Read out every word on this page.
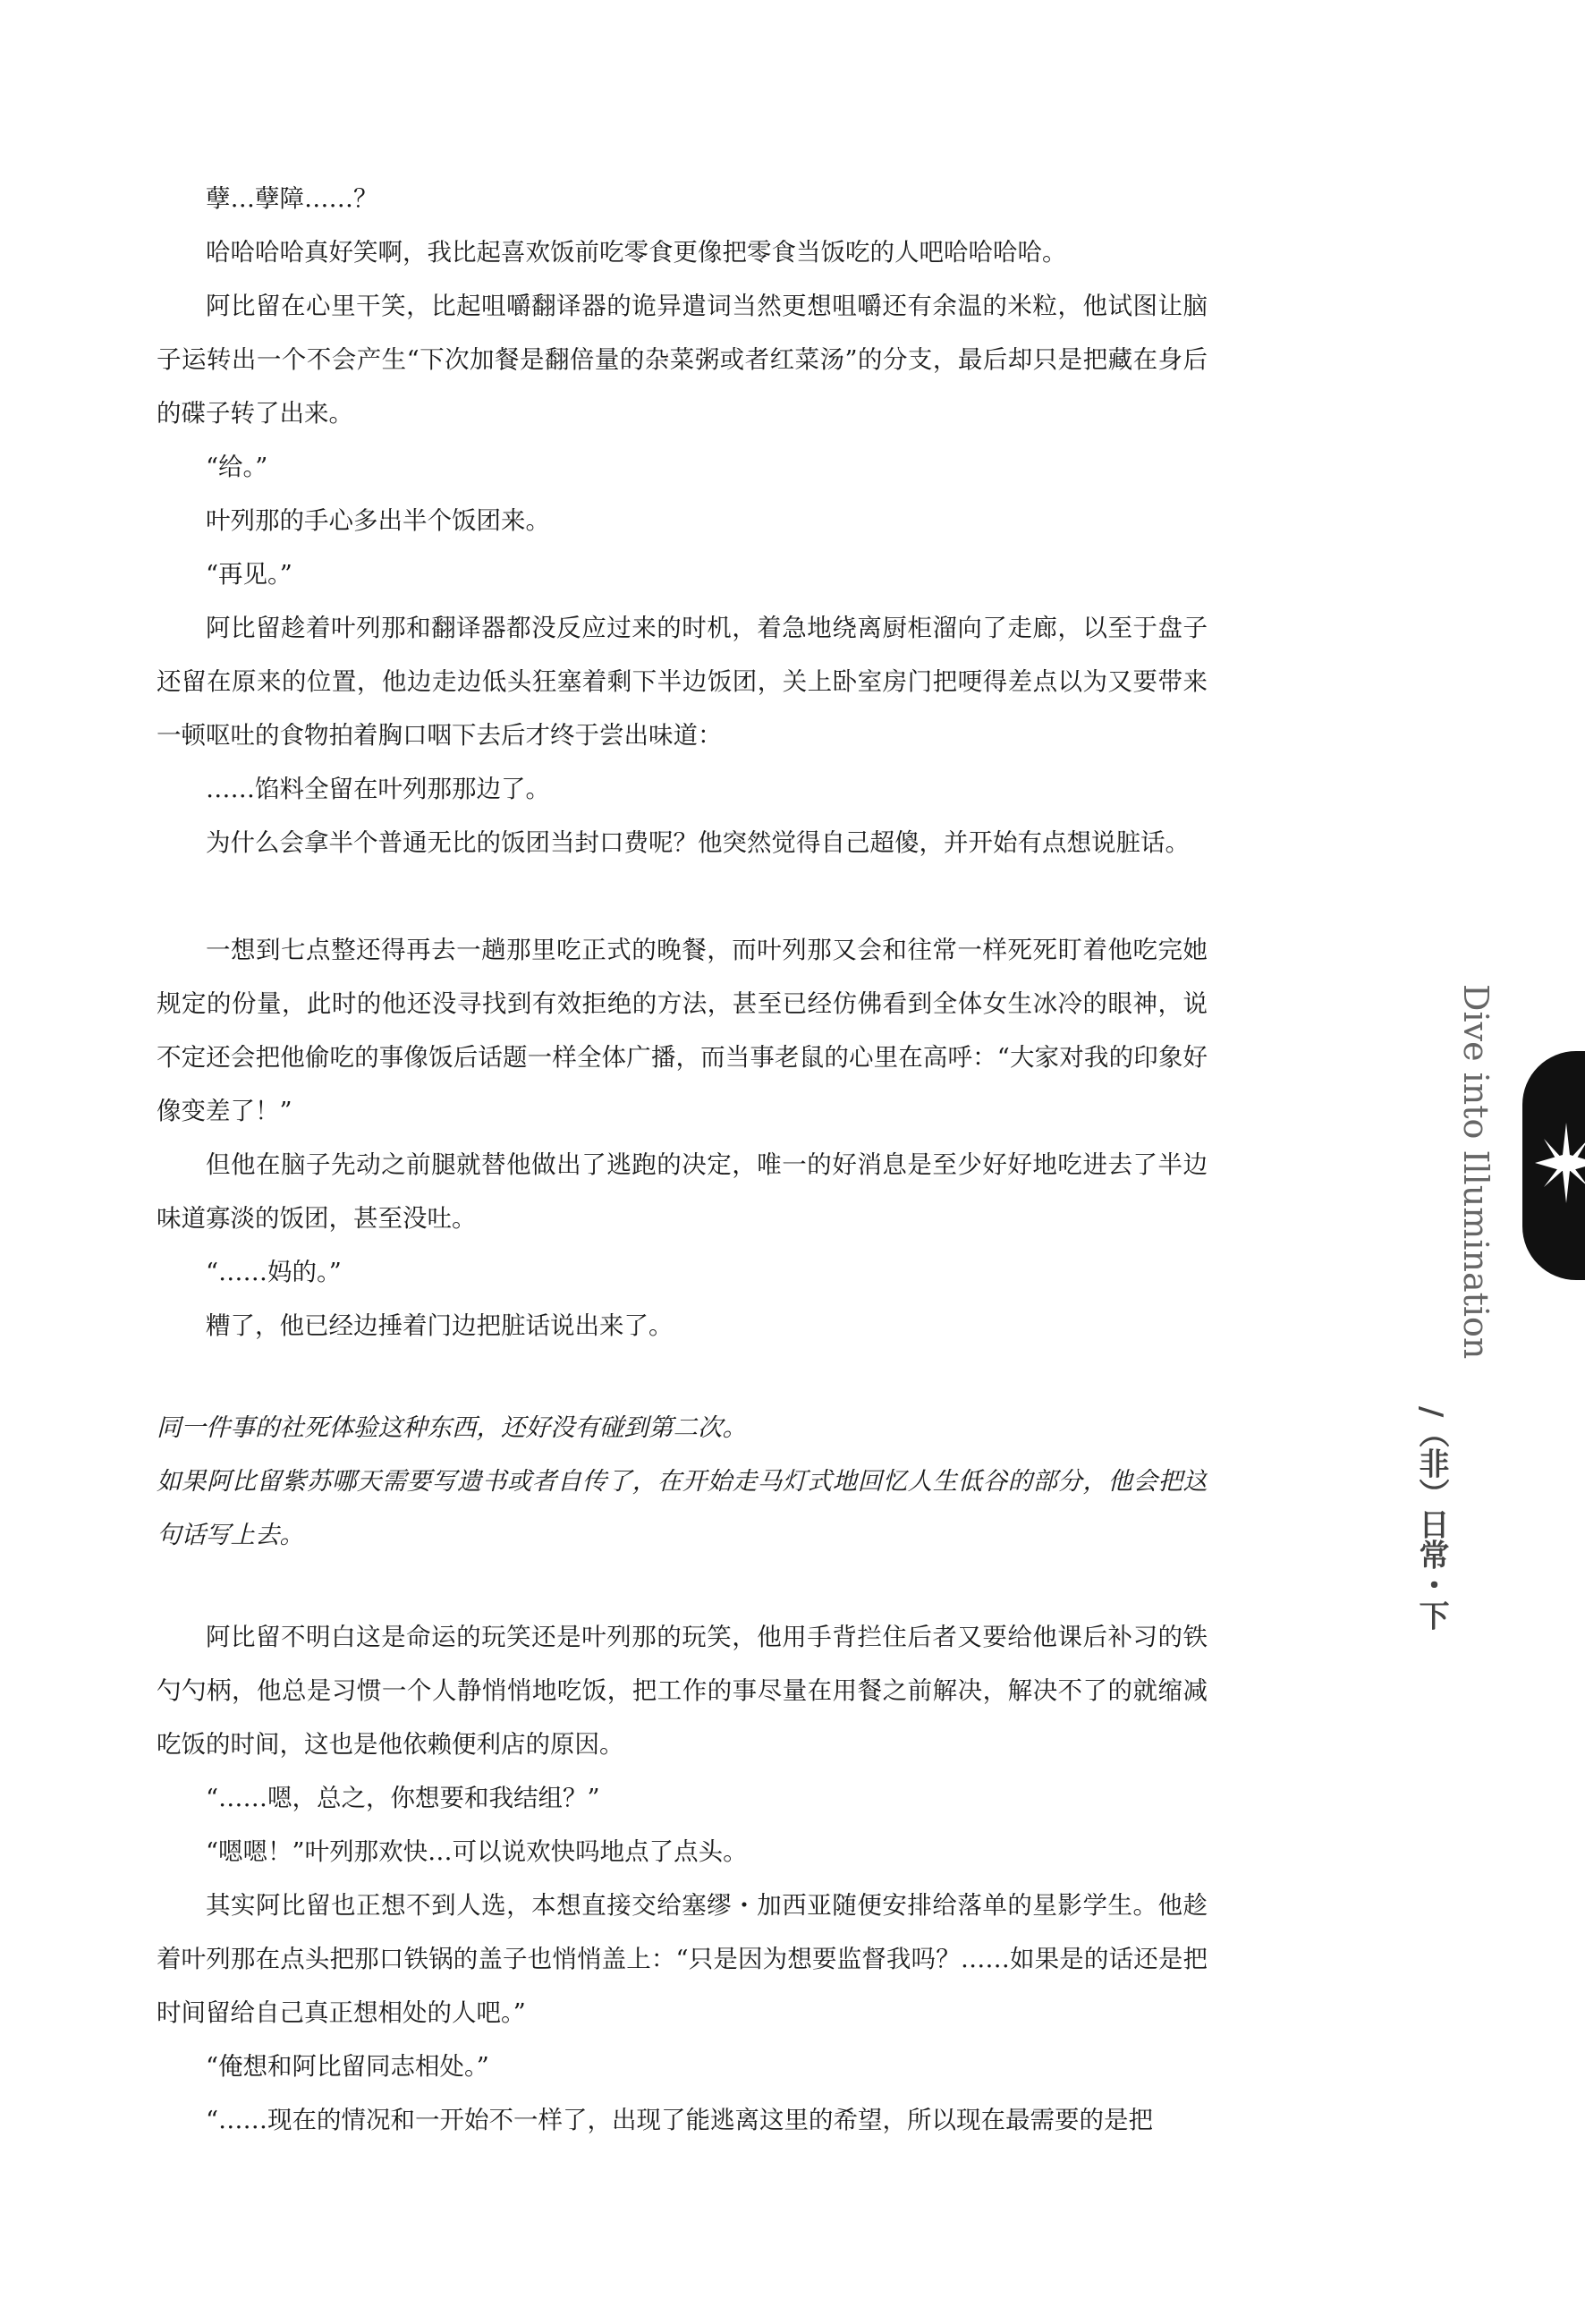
孽…孽障……？

哈哈哈哈真好笑啊，我比起喜欢饭前吃零食更像把零食当饭吃的人吧哈哈哈哈。

阿比留在心里干笑，比起咀嚼翻译器的诡异遣词当然更想咀嚼还有余温的米粒，他试图让脑子运转出一个不会产生“下次加餐是翻倍量的杂菜粥或者红菜汤”的分支，最后却只是把藏在身后的碟子转了出来。

“给。”

叶列那的手心多出半个饭团来。

“再见。”

阿比留趁着叶列那和翻译器都没反应过来的时机，着急地绕离厨柜溜向了走廊，以至于盘子还留在原来的位置，他边走边低头狂塞着剩下半边饭团，关上卧室房门把哽得差点以为又要带来一顿呕吐的食物拍着胸口咽下去后才终于尝出味道：

……馅料全留在叶列那那边了。

为什么会拿半个普通无比的饭团当封口费呢？他突然觉得自己超傻，并开始有点想说脏话。

一想到七点整还得再去一趟那里吃正式的晚餐，而叶列那又会和往常一样死死盯着他吃完她规定的份量，此时的他还没寻找到有效拒绝的方法，甚至已经仿佛看到全体女生冰冷的眼神，说不定还会把他偷吃的事像饭后话题一样全体广播，而当事老鼠的心里在高呼：“大家对我的印象好像变差了！”

但他在脑子先动之前腿就替他做出了逃跑的决定，唯一的好消息是至少好好地吃进去了半边味道寡淡的饭团，甚至没吐。

“……妈的。”

糟了，他已经边捶着门边把脏话说出来了。

同一件事的社死体验这种东西，还好没有碰到第二次。

如果阿比留紫苏哪天需要写遗书或者自传了，在开始走马灯式地回忆人生低谷的部分，他会把这句话写上去。

阿比留不明白这是命运的玩笑还是叶列那的玩笑，他用手背拦住后者又要给他课后补习的铁勺勺柄，他总是习惯一个人静悄悄地吃饭，把工作的事尽量在用餐之前解决，解决不了的就缩减吃饭的时间，这也是他依赖便利店的原因。

“……嗯，总之，你想要和我结组？”

“嗯嗯！”叶列那欢快…可以说欢快吗地点了点头。

其实阿比留也正想不到人选，本想直接交给塞缪・加西亚随便安排给落单的星影学生。他趁着叶列那在点头把那口铁锅的盖子也悄悄盖上：“只是因为想要监督我吗？……如果是的话还是把时间留给自己真正想相处的人吧。”

“俺想和阿比留同志相处。”

“……现在的情况和一开始不一样了，出现了能逃离这里的希望，所以现在最需要的是把

Dive into Illumination
/（非）日常・下
